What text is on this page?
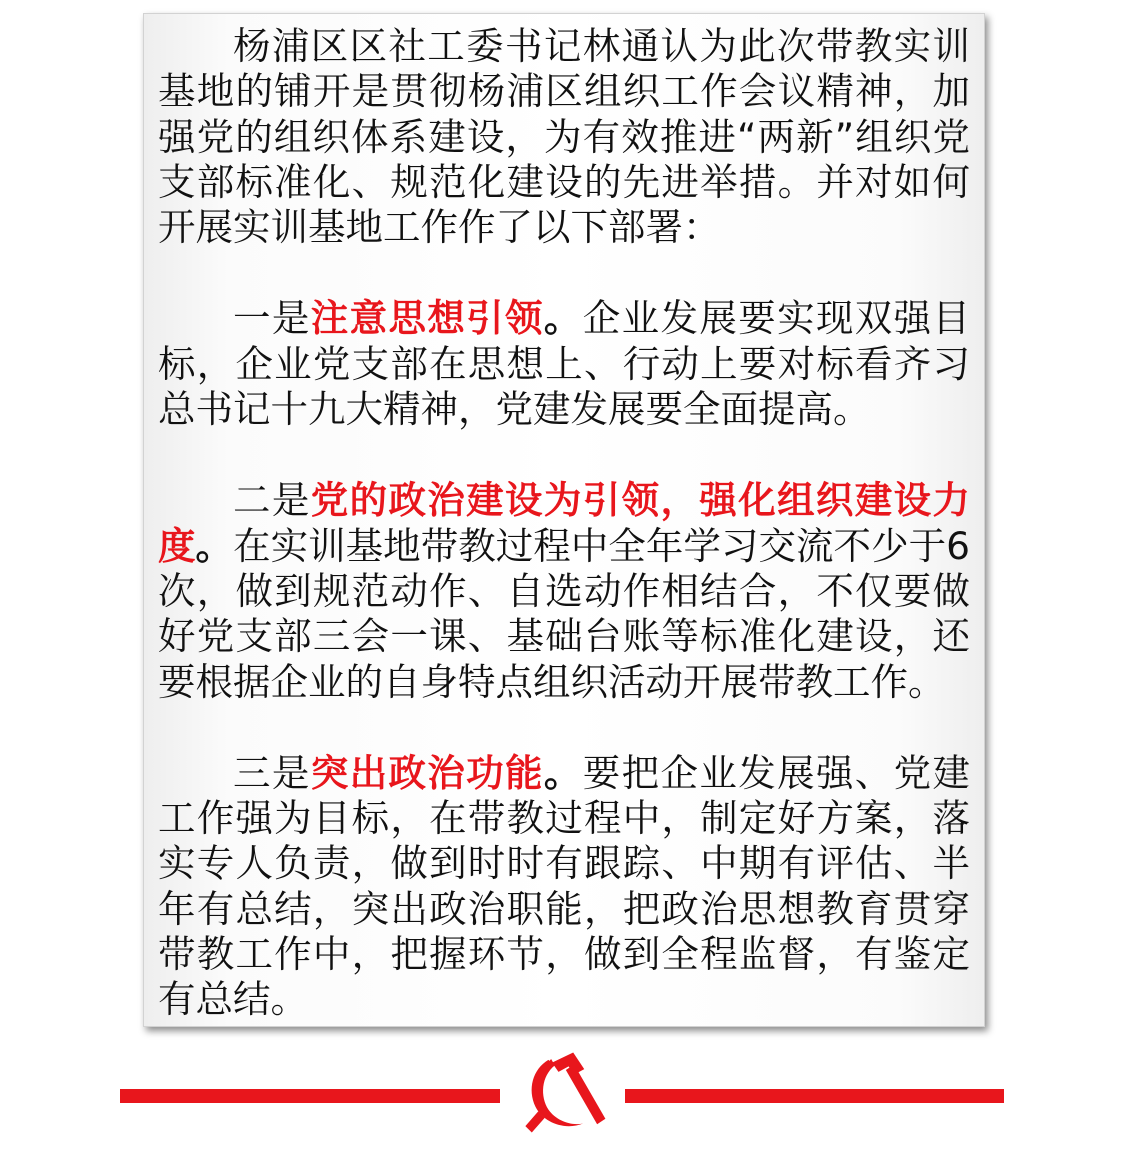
杨浦区区社工委书记林通认为此次带教实训基地的铺开是贯彻杨浦区组织工作会议精神，加强党的组织体系建设，为有效推进“两新”组织党支部标准化、规范化建设的先进举措。并对如何开展实训基地工作作了以下部署：

一是注意思想引领。企业发展要实现双强目标，企业党支部在思想上、行动上要对标看齐习总书记十九大精神，党建发展要全面提高。

二是党的政治建设为引领，强化组织建设力度。在实训基地带教过程中全年学习交流不少于6次，做到规范动作、自选动作相结合，不仅要做好党支部三会一课、基础台账等标准化建设，还要根据企业的自身特点组织活动开展带教工作。

三是突出政治功能。要把企业发展强、党建工作强为目标，在带教过程中，制定好方案，落实专人负责，做到时时有跟踪、中期有评估、半年有总结，突出政治职能，把政治思想教育贯穿带教工作中，把握环节，做到全程监督，有鉴定有总结。
